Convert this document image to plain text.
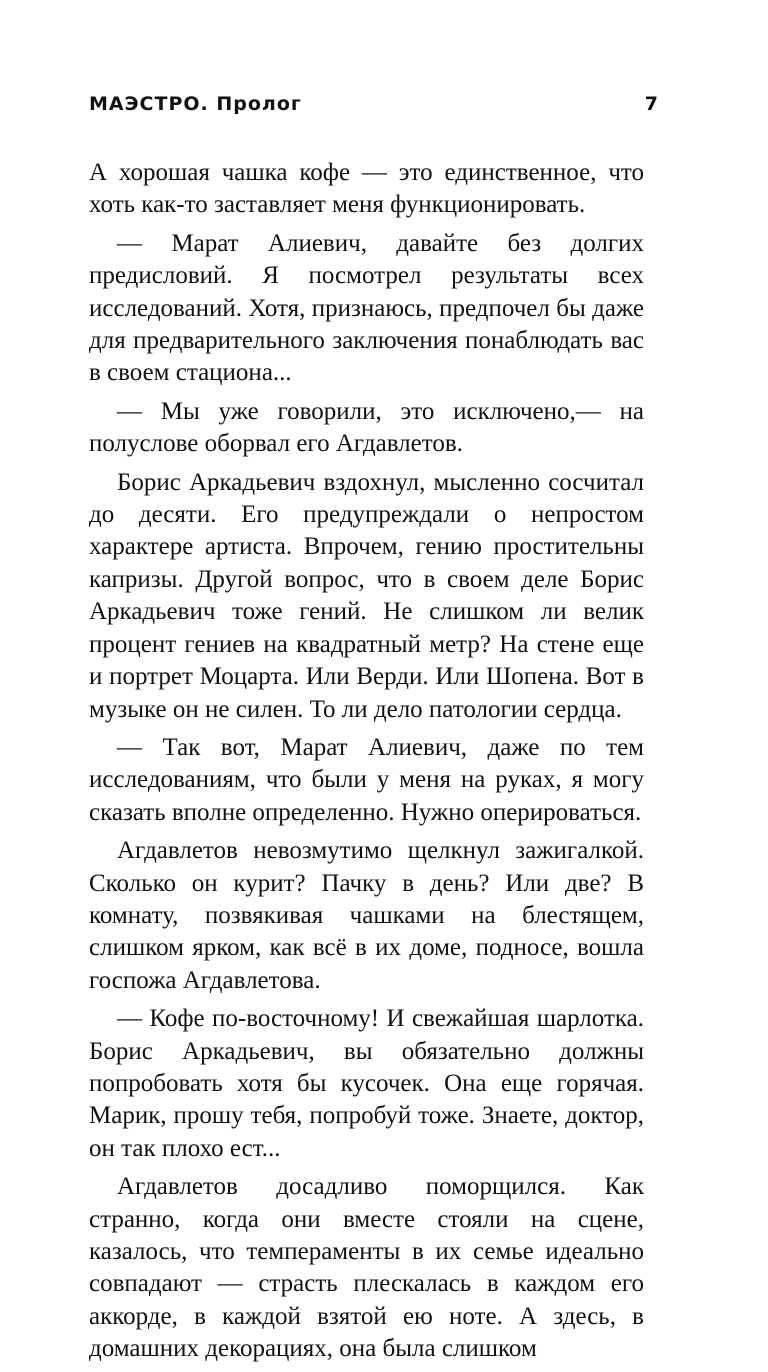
МАЭСТРО. Пролог	7

А хорошая чашка кофе — это единственное, что хоть как-то заставляет меня функционировать.

— Марат Алиевич, давайте без долгих предисловий. Я посмотрел результаты всех исследований. Хотя, признаюсь, предпочел бы даже для предварительного заключения понаблюдать вас в своем стациона...

— Мы уже говорили, это исключено,— на полуслове оборвал его Агдавлетов.

Борис Аркадьевич вздохнул, мысленно сосчитал до десяти. Его предупреждали о непростом характере артиста. Впрочем, гению простительны капризы. Другой вопрос, что в своем деле Борис Аркадьевич тоже гений. Не слишком ли велик процент гениев на квадратный метр? На стене еще и портрет Моцарта. Или Верди. Или Шопена. Вот в музыке он не силен. То ли дело патологии сердца.

— Так вот, Марат Алиевич, даже по тем исследованиям, что были у меня на руках, я могу сказать вполне определенно. Нужно оперироваться.

Агдавлетов невозмутимо щелкнул зажигалкой. Сколько он курит? Пачку в день? Или две? В комнату, позвякивая чашками на блестящем, слишком ярком, как всё в их доме, подносе, вошла госпожа Агдавлетова.

— Кофе по-восточному! И свежайшая шарлотка. Борис Аркадьевич, вы обязательно должны попробовать хотя бы кусочек. Она еще горячая. Марик, прошу тебя, попробуй тоже. Знаете, доктор, он так плохо ест...

Агдавлетов досадливо поморщился. Как странно, когда они вместе стояли на сцене, казалось, что темпераменты в их семье идеально совпадают — страсть плескалась в каждом его аккорде, в каждой взятой ею ноте. А здесь, в домашних декорациях, она была слишком
